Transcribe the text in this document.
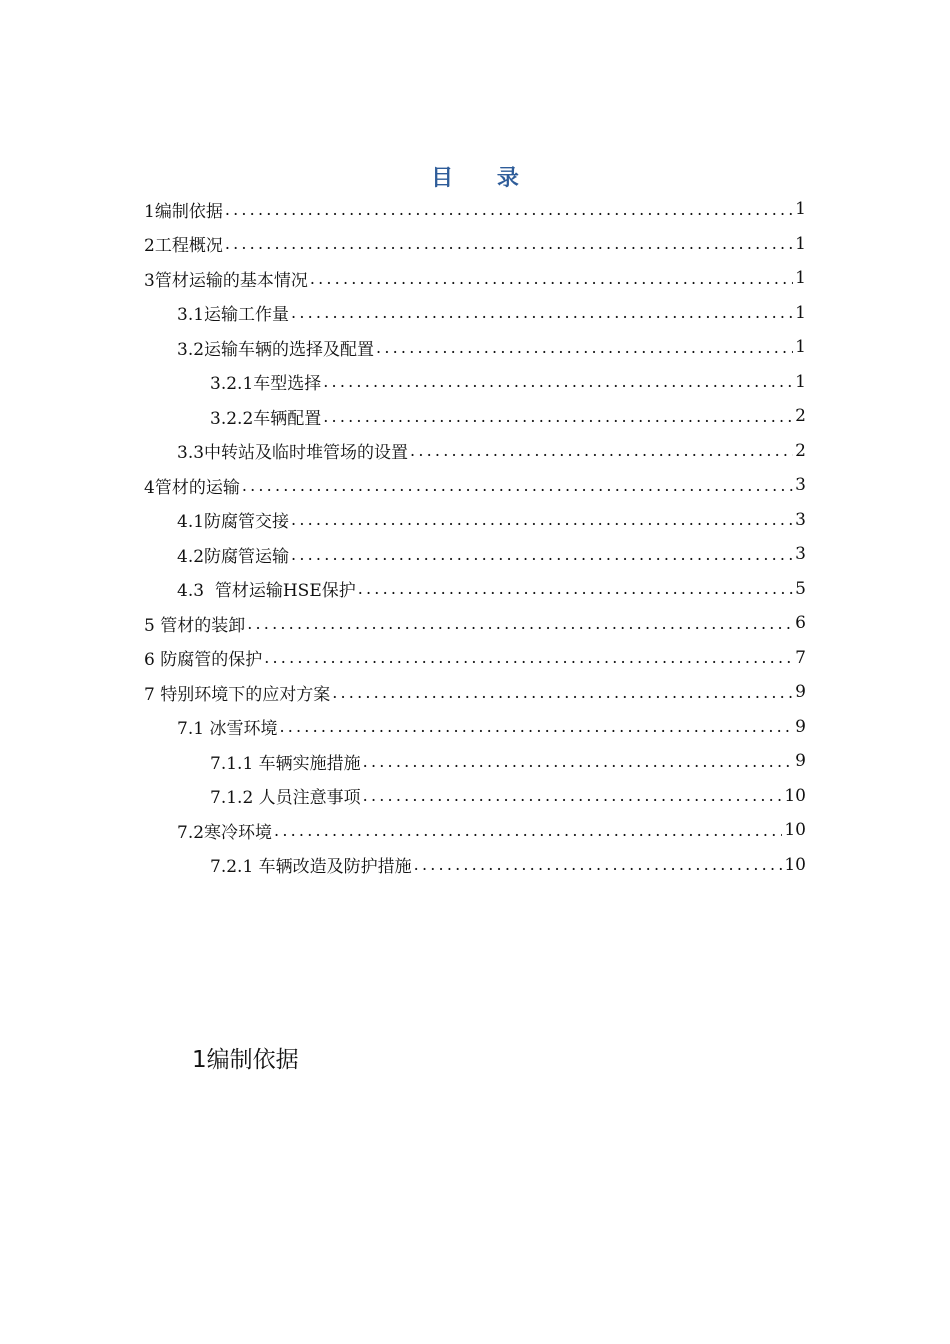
目 录
1编制依据 .....	1
2工程概况 .....	1
3管材运输的基本情况 .....	1
3.1运输工作量 .....	1
3.2运输车辆的选择及配置 .....	1
3.2.1车型选择 .....	1
3.2.2车辆配置 .....	2
3.3中转站及临时堆管场的设置 .....	2
4管材的运输 .....	3
4.1防腐管交接 .....	3
4.2防腐管运输 .....	3
4.3  管材运输HSE保护 .....	5
5 管材的装卸 .....	6
6 防腐管的保护 .....	7
7 特别环境下的应对方案 .....	9
7.1 冰雪环境 .....	9
7.1.1 车辆实施措施 .....	9
7.1.2 人员注意事项 .....	10
7.2寒冷环境 .....	10
7.2.1 车辆改造及防护措施 .....	10
1编制依据
